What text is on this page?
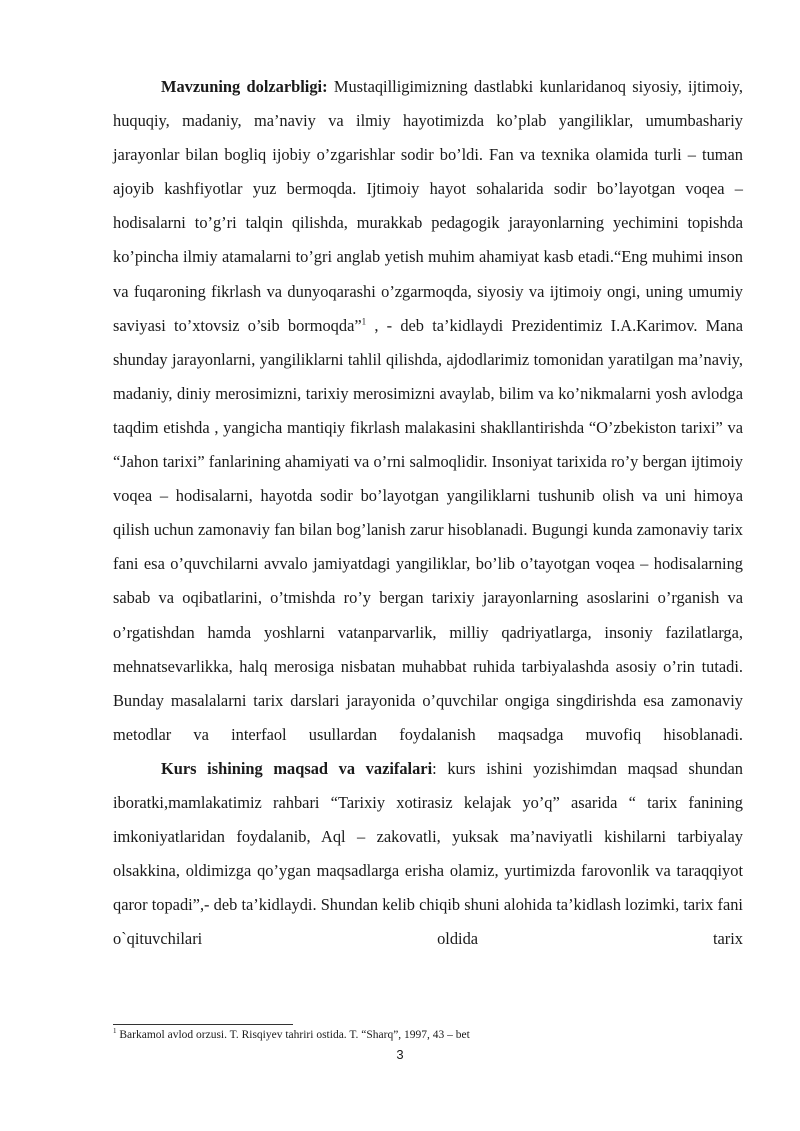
Mavzuning dolzarbligi: Mustaqilligimizning dastlabki kunlaridanoq siyosiy, ijtimoiy, huquqiy, madaniy, ma’naviy va ilmiy hayotimizda ko’plab yangiliklar, umumbashariy jarayonlar bilan bogliq ijobiy o’zgarishlar sodir bo’ldi. Fan va texnika olamida turli – tuman ajoyib kashfiyotlar yuz bermoqda. Ijtimoiy hayot sohalarida sodir bo’layotgan voqea – hodisalarni to’g’ri talqin qilishda, murakkab pedagogik jarayonlarning yechimini topishda ko’pincha ilmiy atamalarni to’gri anglab yetish muhim ahamiyat kasb etadi.“Eng muhimi inson va fuqaroning fikrlash va dunyoqarashi o’zgarmoqda, siyosiy va ijtimoiy ongi, uning umumiy saviyasi to’xtovsiz o’sib bormoqda”$^1$ , - deb ta’kidlaydi Prezidentimiz I.A.Karimov. Mana shunday jarayonlarni, yangiliklarni tahlil qilishda, ajdodlarimiz tomonidan yaratilgan ma’naviy, madaniy, diniy merosimizni, tarixiy merosimizni avaylab, bilim va ko’nikmalarni yosh avlodga taqdim etishda , yangicha mantiqiy fikrlash malakasini shakllantirishda “O’zbekiston tarixi” va “Jahon tarixi” fanlarining ahamiyati va o’rni salmoqlidir. Insoniyat tarixida ro’y bergan ijtimoiy voqea – hodisalarni, hayotda sodir bo’layotgan yangiliklarni tushunib olish va uni himoya qilish uchun zamonaviy fan bilan bog’lanish zarur hisoblanadi. Bugungi kunda zamonaviy tarix fani esa o’quvchilarni avvalo jamiyatdagi yangiliklar, bo’lib o’tayotgan voqea – hodisalarning sabab va oqibatlarini, o’tmishda ro’y bergan tarixiy jarayonlarning asoslarini o’rganish va o’rgatishdan hamda yoshlarni vatanparvarlik, milliy qadriyatlarga, insoniy fazilatlarga, mehnatsevarlikka, halq merosiga nisbatan muhabbat ruhida tarbiyalashda asosiy o’rin tutadi. Bunday masalalarni tarix darslari jarayonida o’quvchilar ongiga singdirishda esa zamonaviy metodlar va interfaol usullardan foydalanish maqsadga muvofiq hisoblanadi.

Kurs ishining maqsad va vazifalari: kurs ishini yozishimdan maqsad shundan iboratki,mamlakatimiz rahbari “Tarixiy xotirasiz kelajak yo’q” asarida “ tarix fanining imkoniyatlaridan foydalanib, Aql – zakovatli, yuksak ma’naviyatli kishilarni tarbiyalay olsakkina, oldimizga qo’ygan maqsadlarga erisha olamiz, yurtimizda farovonlik va taraqqiyot qaror topadi”,- deb ta’kidlaydi. Shundan kelib chiqib shuni alohida ta’kidlash lozimki, tarix fani o`qituvchilari oldida tarix

$^1$ Barkamol avlod orzusi. T. Risqiyev tahriri ostida. T. “Sharq”, 1997, 43 – bet

3
